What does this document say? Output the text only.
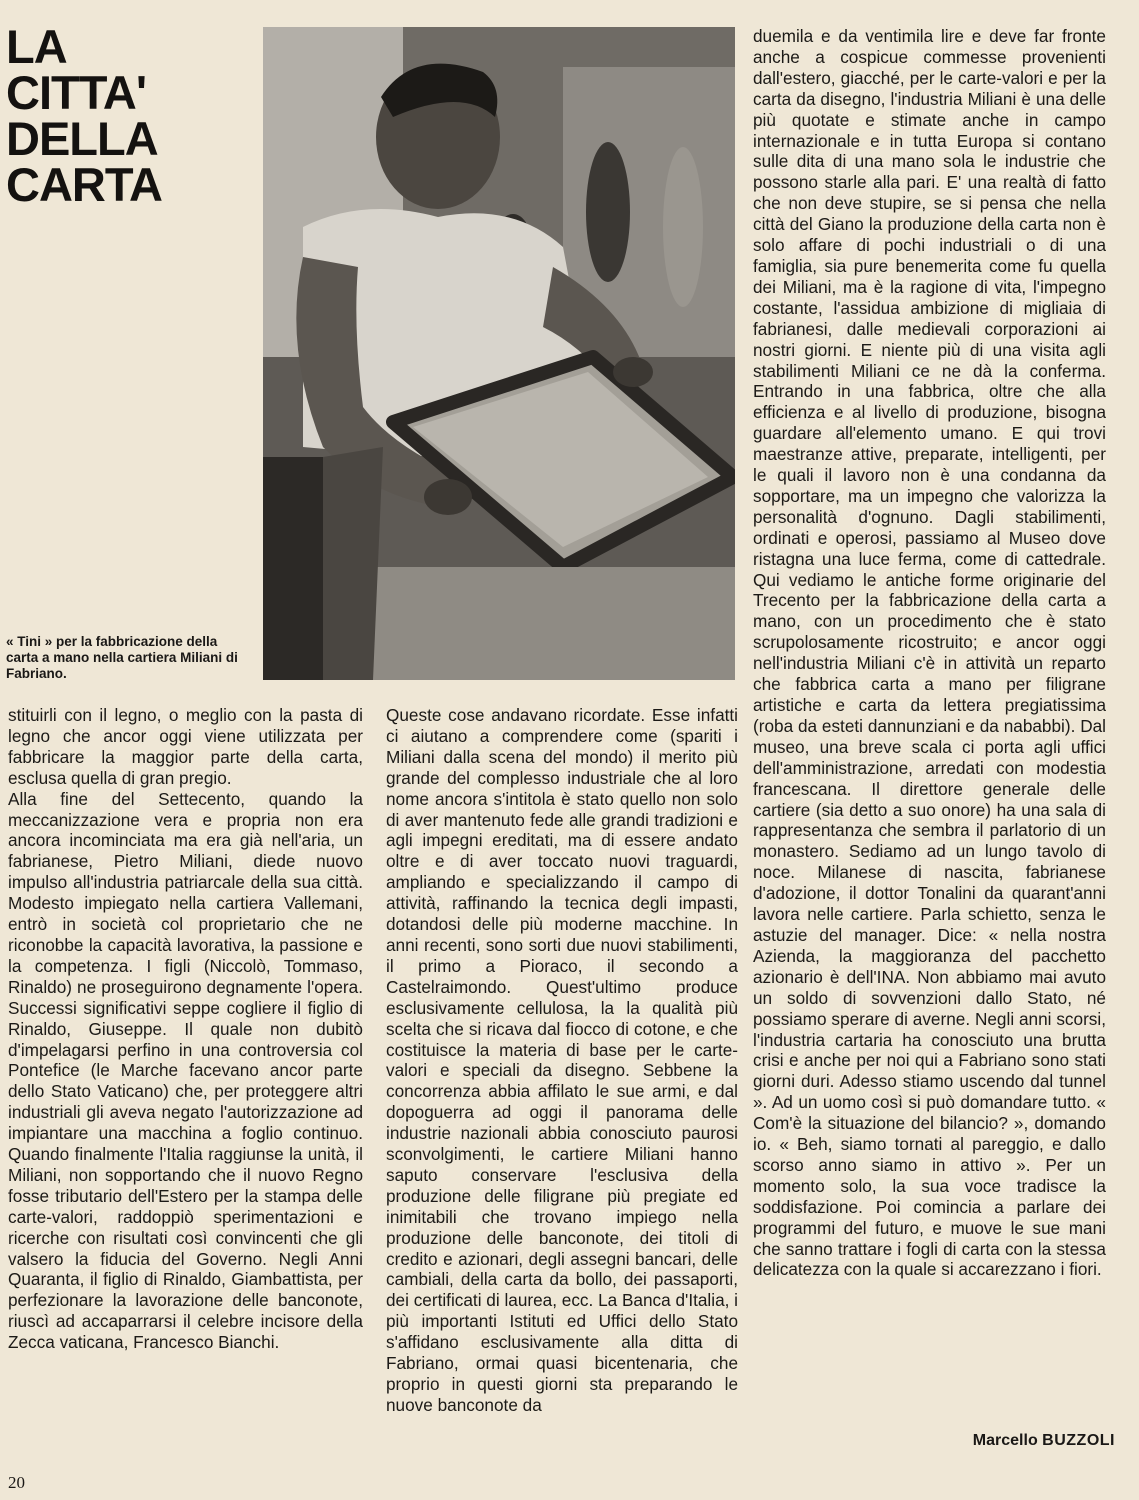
LA
CITTA'
DELLA
CARTA
« Tini » per la fabbricazione della carta a mano nella cartiera Miliani di Fabriano.

stituirli con il legno, o meglio con la pasta di legno che ancor oggi viene utilizzata per fabbricare la maggior parte della carta, esclusa quella di gran pregio.

Alla fine del Settecento, quando la meccanizzazione vera e propria non era ancora incominciata ma era già nell'aria, un fabrianese, Pietro Miliani, diede nuovo impulso all'industria patriarcale della sua città. Modesto impiegato nella cartiera Vallemani, entrò in società col proprietario che ne riconobbe la capacità lavorativa, la passione e la competenza. I figli (Niccolò, Tommaso, Rinaldo) ne proseguirono degnamente l'opera. Successi significativi seppe cogliere il figlio di Rinaldo, Giuseppe. Il quale non dubitò d'impelagarsi perfino in una controversia col Pontefice (le Marche facevano ancor parte dello Stato Vaticano) che, per proteggere altri industriali gli aveva negato l'autorizzazione ad impiantare una macchina a foglio continuo. Quando finalmente l'Italia raggiunse la unità, il Miliani, non sopportando che il nuovo Regno fosse tributario dell'Estero per la stampa delle carte-valori, raddoppiò sperimentazioni e ricerche con risultati così convincenti che gli valsero la fiducia del Governo. Negli Anni Quaranta, il figlio di Rinaldo, Giambattista, per perfezionare la lavorazione delle banconote, riuscì ad accaparrarsi il celebre incisore della Zecca vaticana, Francesco Bianchi.

Queste cose andavano ricordate. Esse infatti ci aiutano a comprendere come (spariti i Miliani dalla scena del mondo) il merito più grande del complesso industriale che al loro nome ancora s'intitola è stato quello non solo di aver mantenuto fede alle grandi tradizioni e agli impegni ereditati, ma di essere andato oltre e di aver toccato nuovi traguardi, ampliando e specializzando il campo di attività, raffinando la tecnica degli impasti, dotandosi delle più moderne macchine. In anni recenti, sono sorti due nuovi stabilimenti, il primo a Pioraco, il secondo a Castelraimondo. Quest'ultimo produce esclusivamente cellulosa, la la qualità più scelta che si ricava dal fiocco di cotone, e che costituisce la materia di base per le carte-valori e speciali da disegno. Sebbene la concorrenza abbia affilato le sue armi, e dal dopoguerra ad oggi il panorama delle industrie nazionali abbia conosciuto paurosi sconvolgimenti, le cartiere Miliani hanno saputo conservare l'esclusiva della produzione delle filigrane più pregiate ed inimitabili che trovano impiego nella produzione delle banconote, dei titoli di credito e azionari, degli assegni bancari, delle cambiali, della carta da bollo, dei passaporti, dei certificati di laurea, ecc. La Banca d'Italia, i più importanti Istituti ed Uffici dello Stato s'affidano esclusivamente alla ditta di Fabriano, ormai quasi bicentenaria, che proprio in questi giorni sta preparando le nuove banconote da

duemila e da ventimila lire e deve far fronte anche a cospicue commesse provenienti dall'estero, giacché, per le carte-valori e per la carta da disegno, l'industria Miliani è una delle più quotate e stimate anche in campo internazionale e in tutta Europa si contano sulle dita di una mano sola le industrie che possono starle alla pari. E' una realtà di fatto che non deve stupire, se si pensa che nella città del Giano la produzione della carta non è solo affare di pochi industriali o di una famiglia, sia pure benemerita come fu quella dei Miliani, ma è la ragione di vita, l'impegno costante, l'assidua ambizione di migliaia di fabrianesi, dalle medievali corporazioni ai nostri giorni. E niente più di una visita agli stabilimenti Miliani ce ne dà la conferma. Entrando in una fabbrica, oltre che alla efficienza e al livello di produzione, bisogna guardare all'elemento umano. E qui trovi maestranze attive, preparate, intelligenti, per le quali il lavoro non è una condanna da sopportare, ma un impegno che valorizza la personalità d'ognuno. Dagli stabilimenti, ordinati e operosi, passiamo al Museo dove ristagna una luce ferma, come di cattedrale. Qui vediamo le antiche forme originarie del Trecento per la fabbricazione della carta a mano, con un procedimento che è stato scrupolosamente ricostruito; e ancor oggi nell'industria Miliani c'è in attività un reparto che fabbrica carta a mano per filigrane artistiche e carta da lettera pregiatissima (roba da esteti dannunziani e da nababbi). Dal museo, una breve scala ci porta agli uffici dell'amministrazione, arredati con modestia francescana. Il direttore generale delle cartiere (sia detto a suo onore) ha una sala di rappresentanza che sembra il parlatorio di un monastero. Sediamo ad un lungo tavolo di noce. Milanese di nascita, fabrianese d'adozione, il dottor Tonalini da quarant'anni lavora nelle cartiere. Parla schietto, senza le astuzie del manager. Dice: « nella nostra Azienda, la maggioranza del pacchetto azionario è dell'INA. Non abbiamo mai avuto un soldo di sovvenzioni dallo Stato, né possiamo sperare di averne. Negli anni scorsi, l'industria cartaria ha conosciuto una brutta crisi e anche per noi qui a Fabriano sono stati giorni duri. Adesso stiamo uscendo dal tunnel ». Ad un uomo così si può domandare tutto. « Com'è la situazione del bilancio? », domando io. « Beh, siamo tornati al pareggio, e dallo scorso anno siamo in attivo ». Per un momento solo, la sua voce tradisce la soddisfazione. Poi comincia a parlare dei programmi del futuro, e muove le sue mani che sanno trattare i fogli di carta con la stessa delicatezza con la quale si accarezzano i fiori.

Marcello BUZZOLI
20
